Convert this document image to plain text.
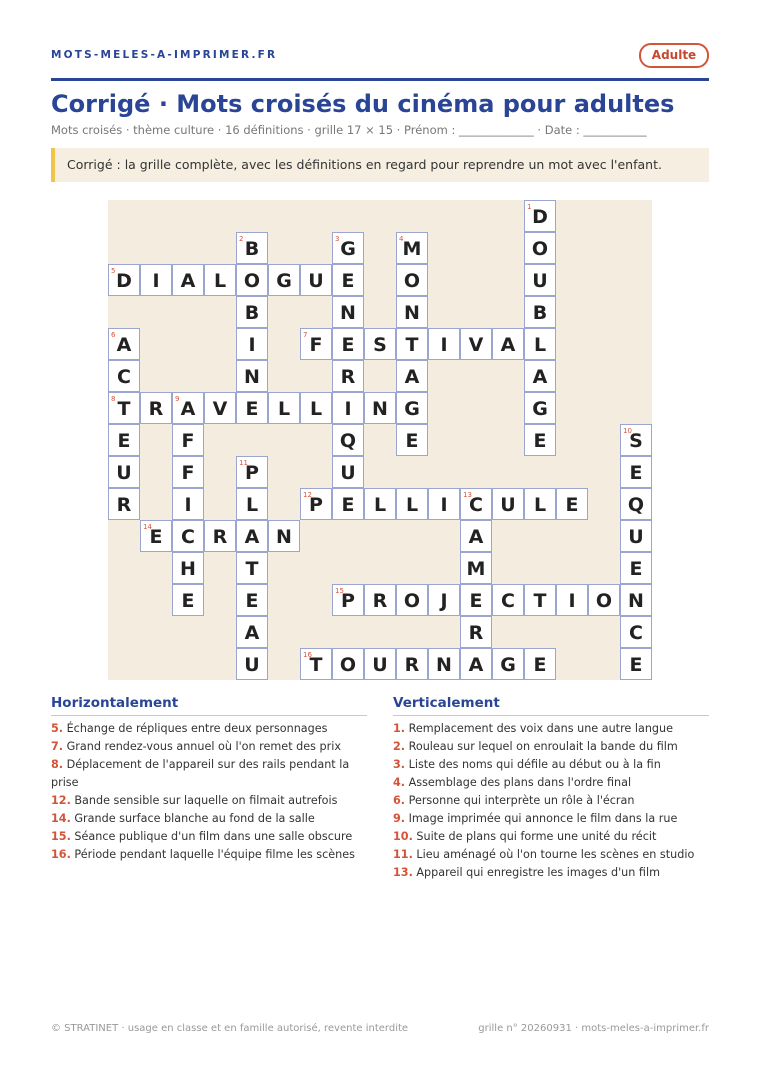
MOTS-MELES-A-IMPRIMER.FR	Adulte
Corrigé · Mots croisés du cinéma pour adultes
Mots croisés · thème culture · 16 définitions · grille 17 × 15 · Prénom : _____________ · Date : ___________
Corrigé : la grille complète, avec les définitions en regard pour reprendre un mot avec l'enfant.
D
1
O
U
B
L
A
G
E
B
2
O
B
I
N
E
G
3
E
N
E
R
I
Q
U
E
M
4
O
N
T
A
G
E
D
5	I	A L	G U
A
6
C
T
8
E
U
R
F
7	S	I	V A
R A
9	V	L	L	N
F
F
I
C
H
E
S
10
E
Q
U
E
N
C
E
P
11
L
A
T
E
A
U
P
12	L	L	I	C
13	U L	E
A
M
E
R
A
E
14	R	N
P
15	R O	J	C T	I	O
T
16	O U R N	G E
Horizontalement
5. Échange de répliques entre deux personnages
7. Grand rendez-vous annuel où l'on remet des prix
8. Déplacement de l'appareil sur des rails pendant la prise
12. Bande sensible sur laquelle on filmait autrefois
14. Grande surface blanche au fond de la salle
15. Séance publique d'un film dans une salle obscure
16. Période pendant laquelle l'équipe filme les scènes
Verticalement
1. Remplacement des voix dans une autre langue
2. Rouleau sur lequel on enroulait la bande du film
3. Liste des noms qui défile au début ou à la fin
4. Assemblage des plans dans l'ordre final
6. Personne qui interprète un rôle à l'écran
9. Image imprimée qui annonce le film dans la rue
10. Suite de plans qui forme une unité du récit
11. Lieu aménagé où l'on tourne les scènes en studio
13. Appareil qui enregistre les images d'un film
© STRATINET · usage en classe et en famille autorisé, revente interdite	grille n° 20260931 · mots-meles-a-imprimer.fr
